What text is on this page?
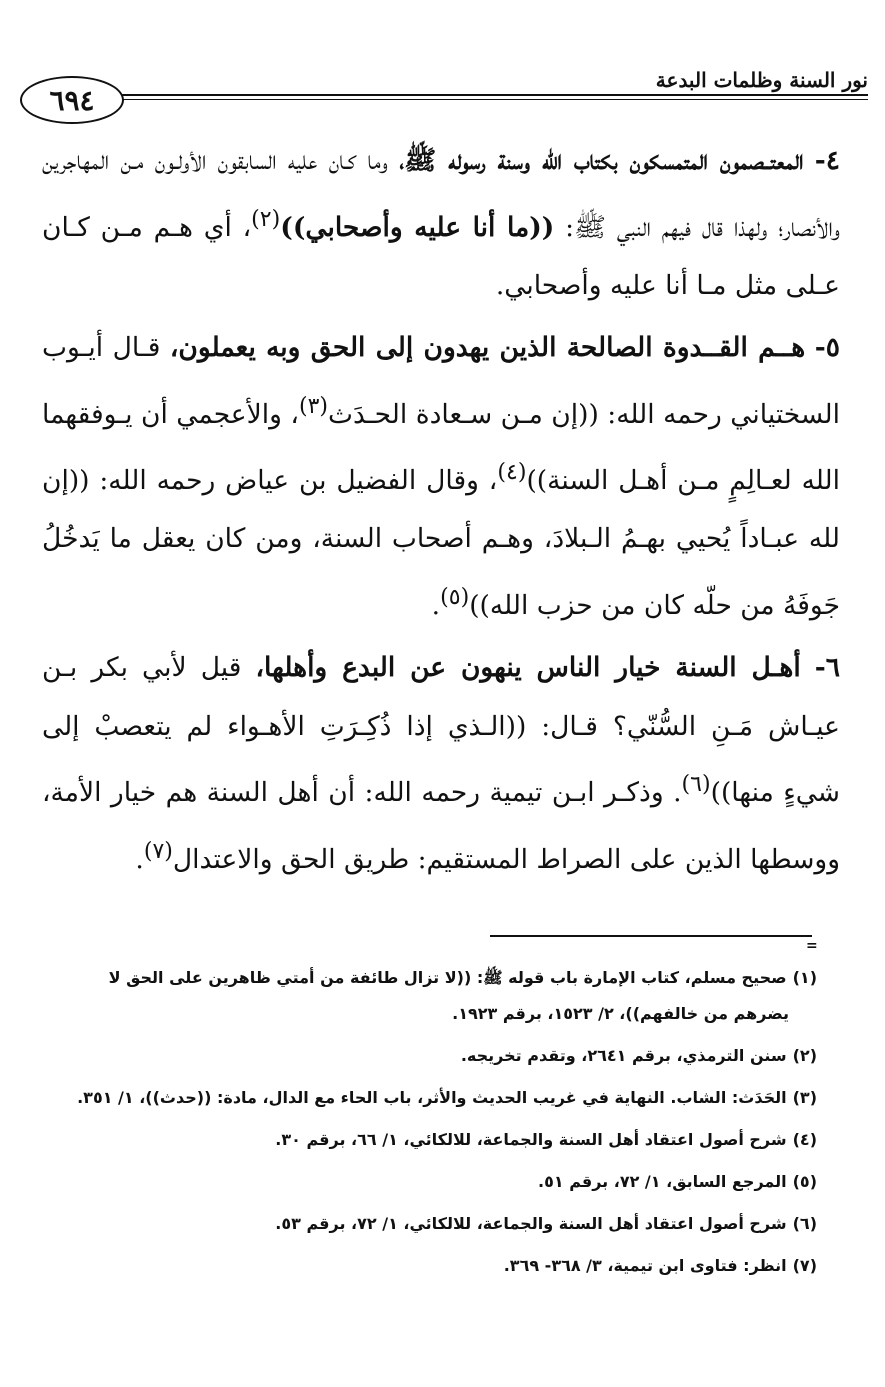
نور السنة وظلمات البدعة
٦٩٤

٤- المعتــصمون المتمسكون بكتاب الله وسنة رسوله ﷺ، وما كـان عليه السابقون الأولـون مـن المهاجرين والأنصار؛ ولهذا قال فيهم النبي ﷺ: ((ما أنا عليه وأصحابي))$^{(٢)}$، أي هـم مـن كـان عـلى مثل مـا أنا عليه وأصحابي.

٥- هــم القــدوة الصالحة الذين يهدون إلى الحق وبه يعملون، قـال أيـوب السختياني رحمه الله: ((إن مـن سـعادة الحـدَث$^{(٣)}$، والأعجمي أن يـوفقهما الله لعـالِمٍ مـن أهـل السنة))$^{(٤)}$، وقال الفضيل بن عياض رحمه الله: ((إن لله عبـاداً يُحيي بهـمُ الـبلادَ، وهـم أصحاب السنة، ومن كان يعقل ما يَدخُلُ جَوفَهُ من حلّه كان من حزب الله))$^{(٥)}$.

٦- أهـل السنة خيار الناس ينهون عن البدع وأهلها، قيل لأبي بكر بـن عيـاش مَـنِ السُّنّي؟ قـال: ((الـذي إذا ذُكِـرَتِ الأهـواء لم يتعصبْ إلى شيءٍ منها))$^{(٦)}$. وذكـر ابـن تيمية رحمه الله: أن أهل السنة هم خيار الأمة، ووسطها الذين على الصراط المستقيم: طريق الحق والاعتدال$^{(٧)}$.

=

(١)صحيح مسلم، كتاب الإمارة باب قوله ﷺ: ((لا تزال طائفة من أمتي ظاهرين على الحق لا
يضرهم من خالفهم))، ٢/ ١٥٢٣، برقم ١٩٢٣.

(٢)سنن الترمذي، برقم ٢٦٤١، وتقدم تخريجه.

(٣)الحَدَث: الشاب. النهاية في غريب الحديث والأثر، باب الحاء مع الدال، مادة: ((حدث))، ١/ ٣٥١.

(٤)شرح أصول اعتقاد أهل السنة والجماعة، للالكائي، ١/ ٦٦، برقم ٣٠.

(٥)المرجع السابق، ١/ ٧٢، برقم ٥١.

(٦)شرح أصول اعتقاد أهل السنة والجماعة، للالكائي، ١/ ٧٢، برقم ٥٣.

(٧)انظر: فتاوى ابن تيمية، ٣/ ٣٦٨- ٣٦٩.
